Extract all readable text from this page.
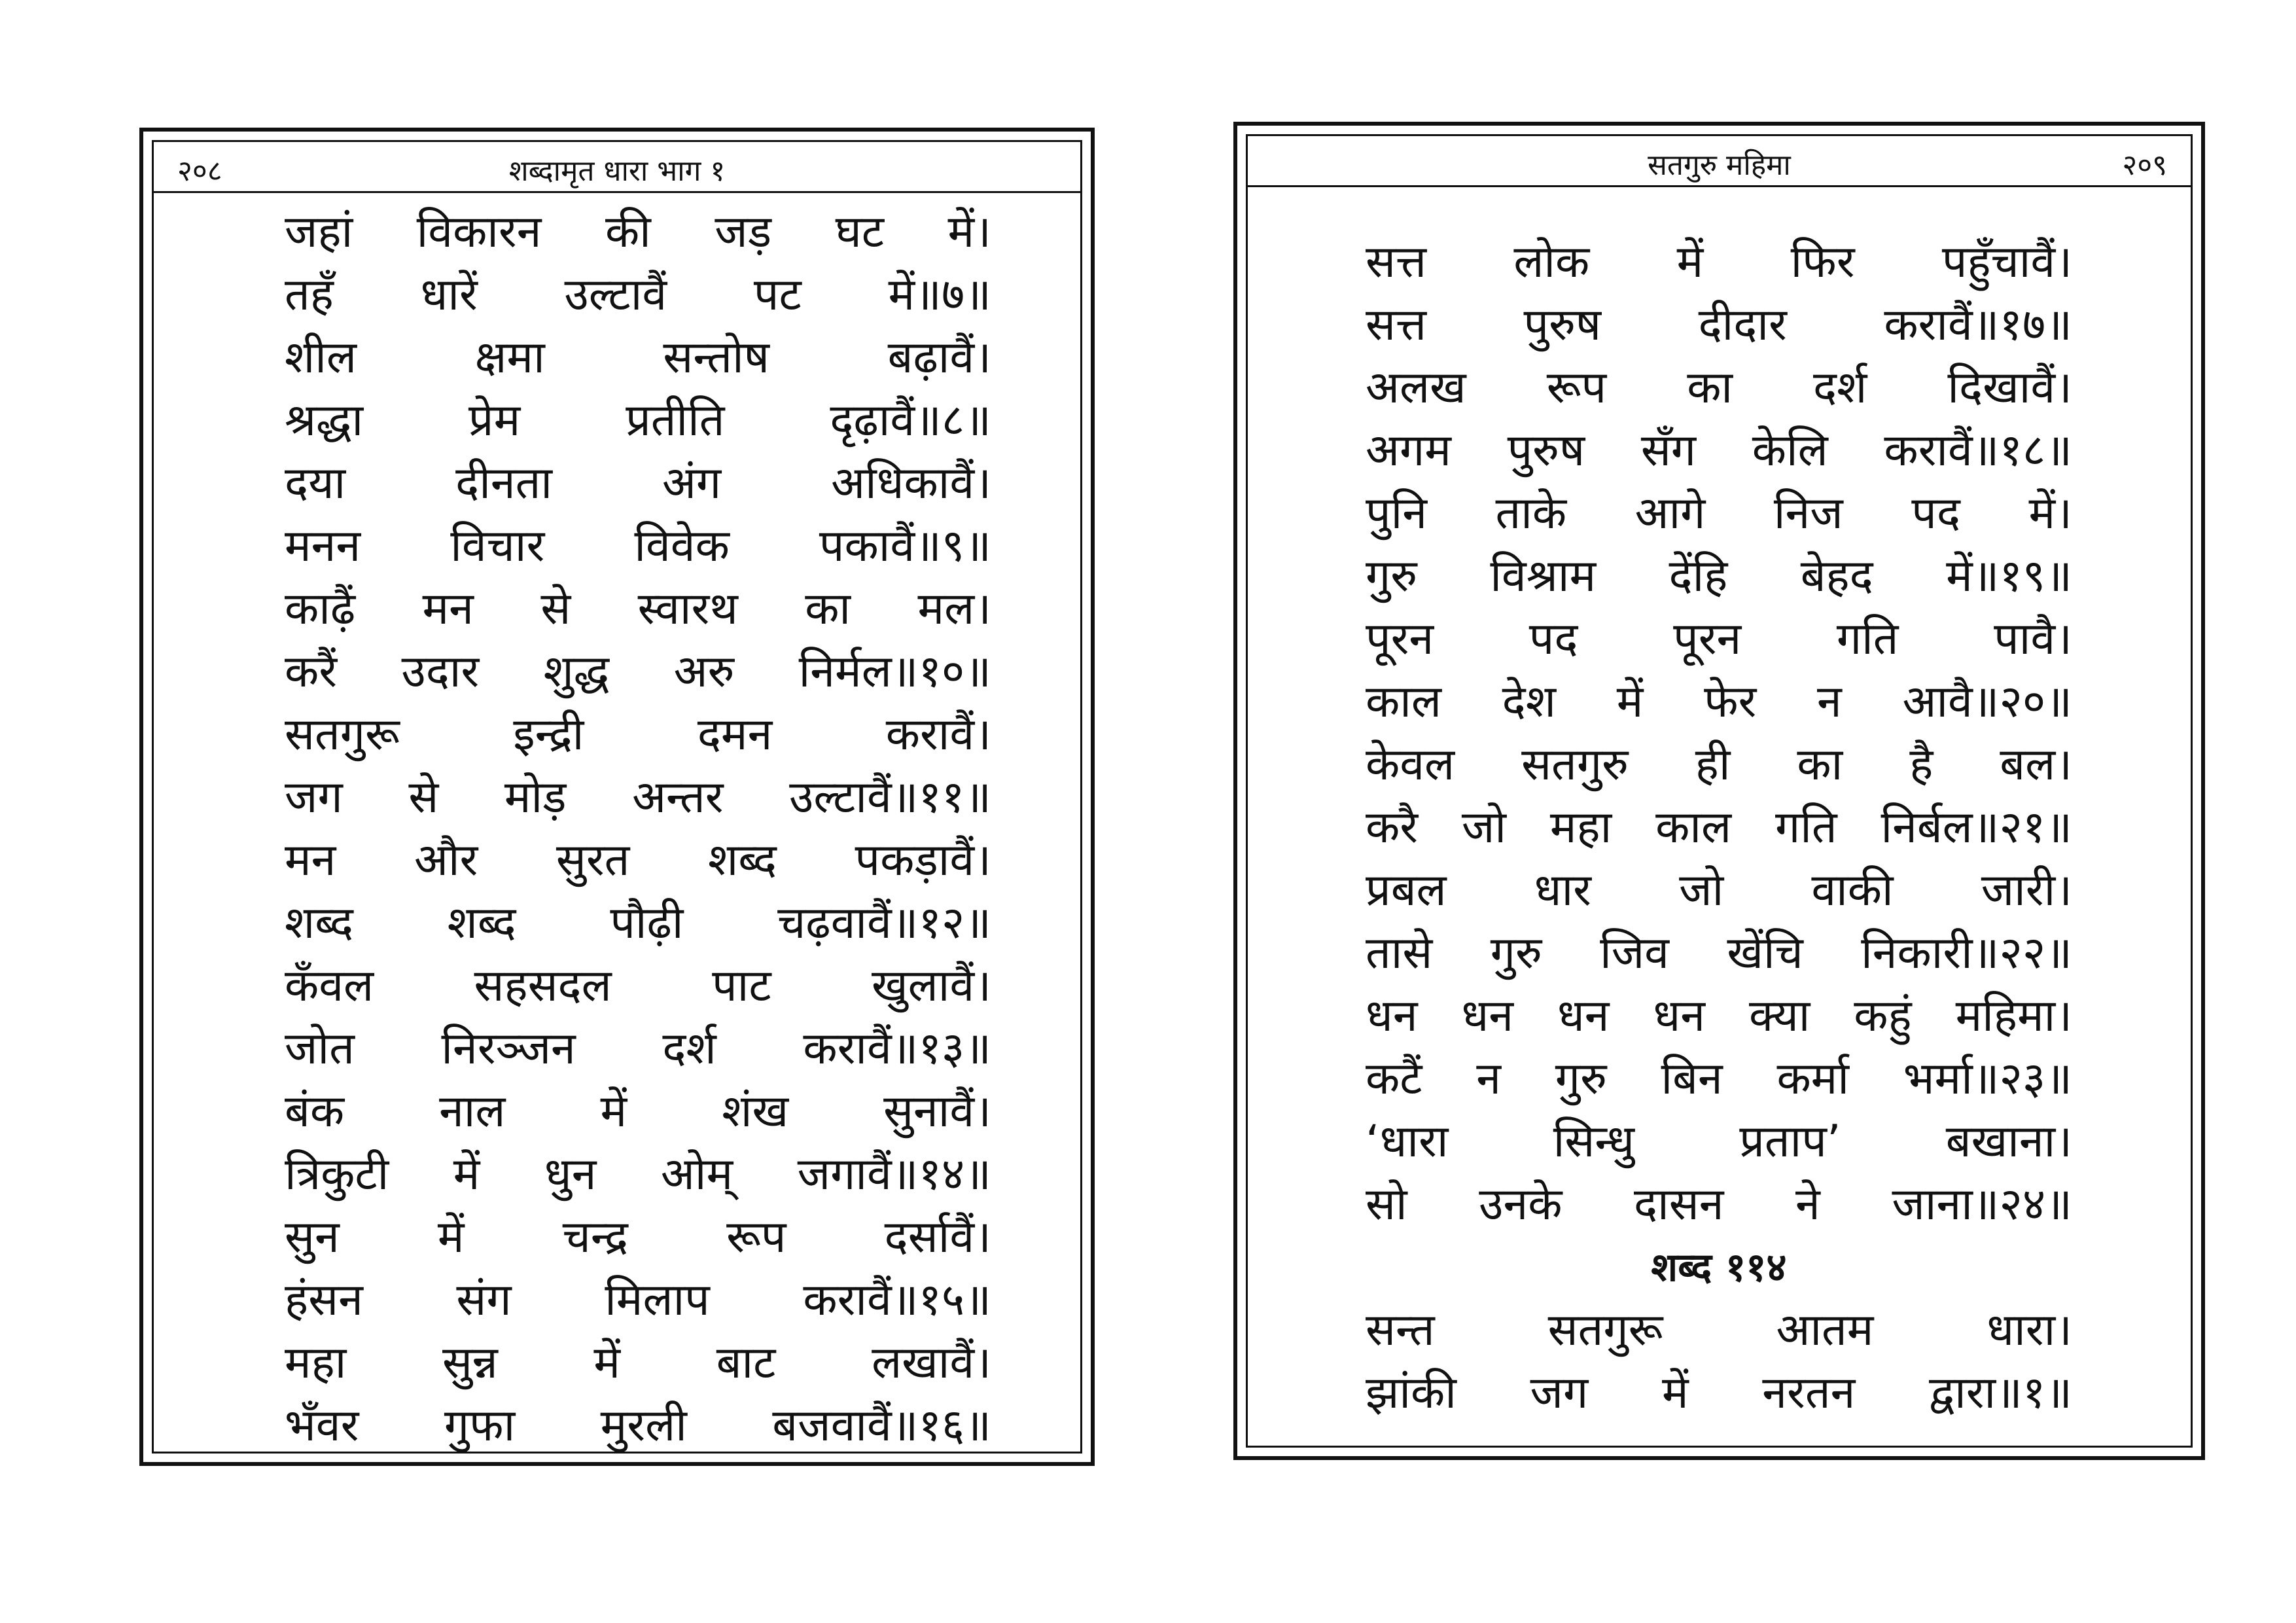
२०८	शब्दामृत धारा भाग १
जहां विकारन की जड़ घट में।
तहँ धारें उल्टावैं पट में॥७॥
शील	क्षमा	सन्तोष	बढ़ावैं।
श्रद्धा प्रेम प्रतीति दृढ़ावैं॥८॥
दया दीनता अंग अधिकावैं।
मनन विचार विवेक पकावैं॥९॥
काढ़ैं मन से स्वारथ का मल।
करैं उदार शुद्ध अरु निर्मल॥१०॥
सतगुरू	इन्द्री	दमन	करावैं।
जग से मोड़ अन्तर उल्टावैं॥११॥
मन और सुरत शब्द पकड़ावैं।
शब्द शब्द पौढ़ी चढ़वावैं॥१२॥
कँवल सहसदल पाट खुलावैं।
जोत निरञ्जन दर्श करावैं॥१३॥
बंक नाल में शंख सुनावैं।
त्रिकुटी में धुन ओम् जगावैं॥१४॥
सुन में चन्द्र रूप दर्सावैं।
हंसन संग मिलाप करावैं॥१५॥
महा सुन्न में बाट लखावैं।
भँवर गुफा मुरली बजवावैं॥१६॥
सतगुरु महिमा	२०९
सत्त लोक में फिर पहुँचावैं।
सत्त पुरुष दीदार करावैं॥१७॥
अलख रूप का दर्श दिखावैं।
अगम पुरुष सँग केलि करावैं॥१८॥
पुनि ताके आगे निज पद में।
गुरु विश्राम देंहि बेहद में॥१९॥
पूरन पद पूरन गति पावै।
काल देश में फेर न आवै॥२०॥
केवल सतगुरु ही का है बल।
करै जो महा काल गति निर्बल॥२१॥
प्रबल धार जो वाकी जारी।
तासे गुरु जिव खेंचि निकारी॥२२॥
धन धन धन धन क्या कहुं महिमा।
कटैं न गुरु बिन कर्मा भर्मा॥२३॥
‘धारा सिन्धु प्रताप’ बखाना।
सो उनके दासन ने जाना॥२४॥
शब्द ११४
सन्त	सतगुरू	आतम	धारा।
झांकी जग में नरतन द्वारा॥१॥
